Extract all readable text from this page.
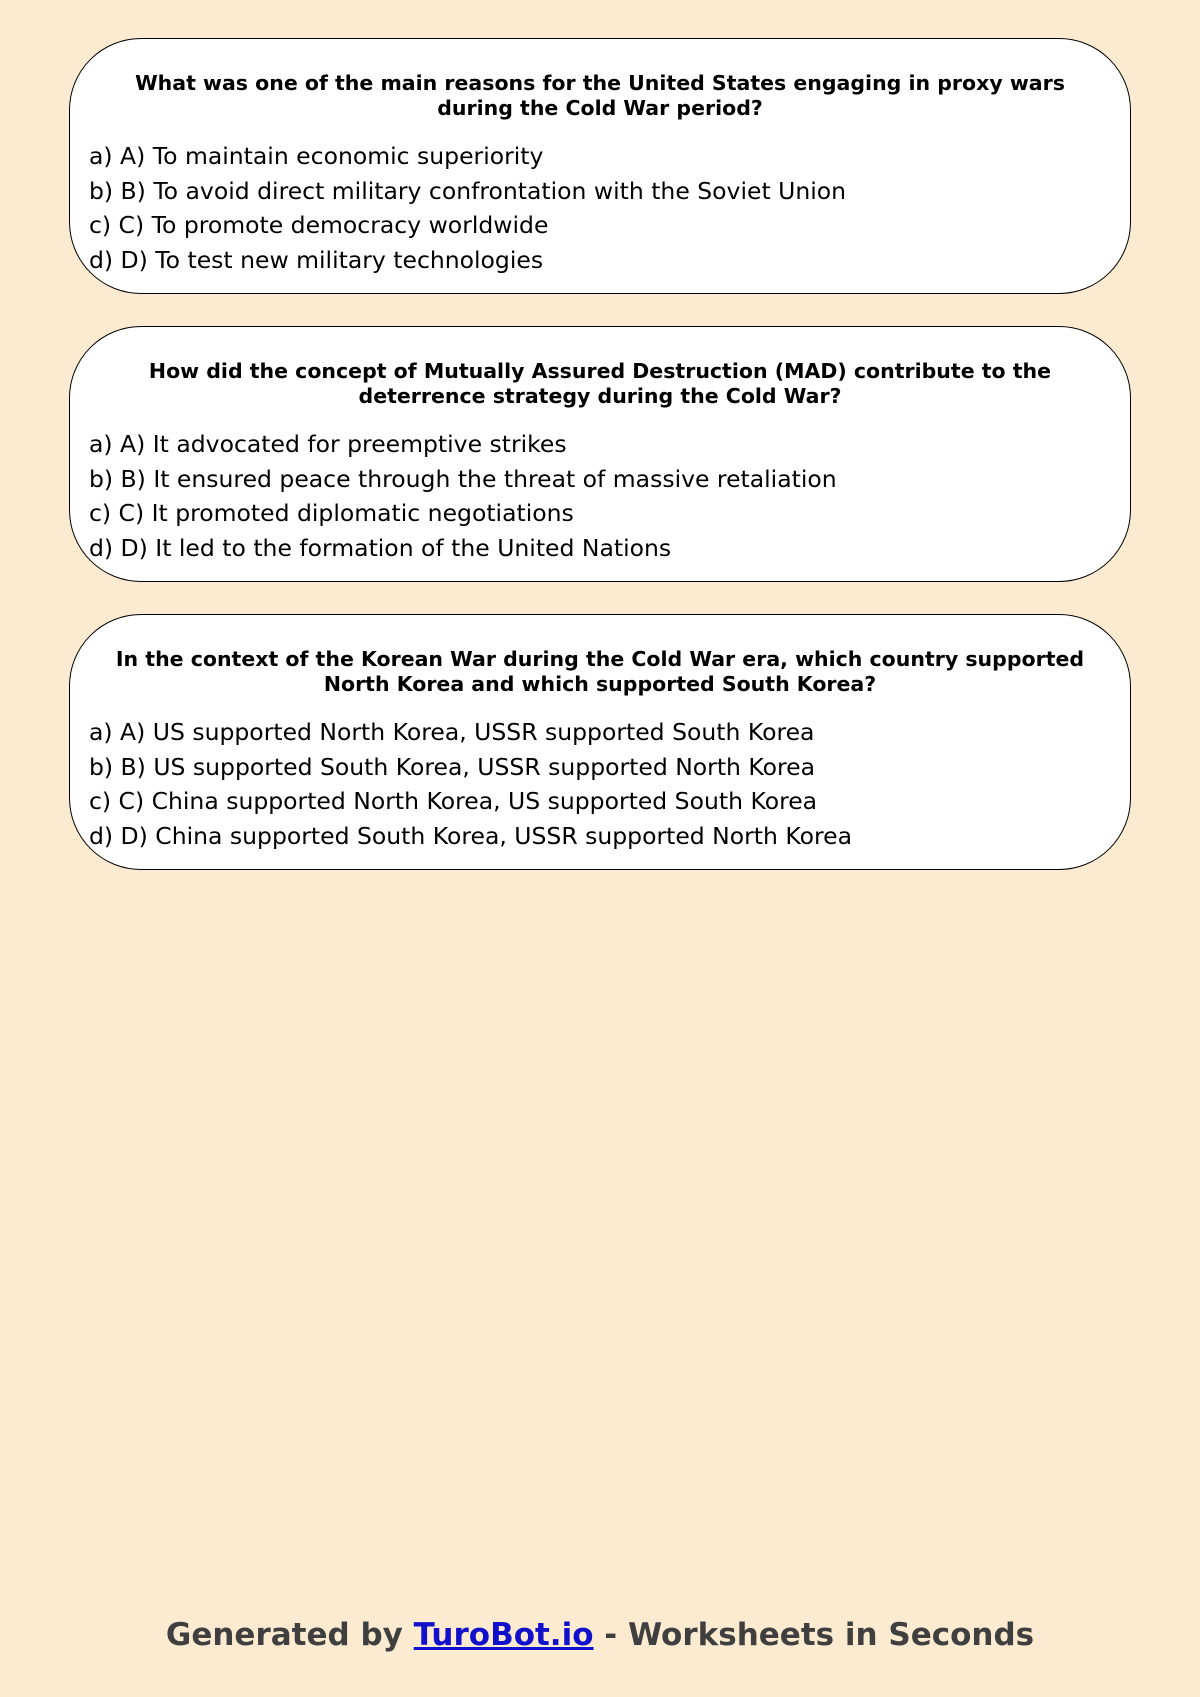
What was one of the main reasons for the United States engaging in proxy wars during the Cold War period?
a) A) To maintain economic superiority
b) B) To avoid direct military confrontation with the Soviet Union
c) C) To promote democracy worldwide
d) D) To test new military technologies
How did the concept of Mutually Assured Destruction (MAD) contribute to the deterrence strategy during the Cold War?
a) A) It advocated for preemptive strikes
b) B) It ensured peace through the threat of massive retaliation
c) C) It promoted diplomatic negotiations
d) D) It led to the formation of the United Nations
In the context of the Korean War during the Cold War era, which country supported North Korea and which supported South Korea?
a) A) US supported North Korea, USSR supported South Korea
b) B) US supported South Korea, USSR supported North Korea
c) C) China supported North Korea, US supported South Korea
d) D) China supported South Korea, USSR supported North Korea
Generated by TuroBot.io - Worksheets in Seconds
